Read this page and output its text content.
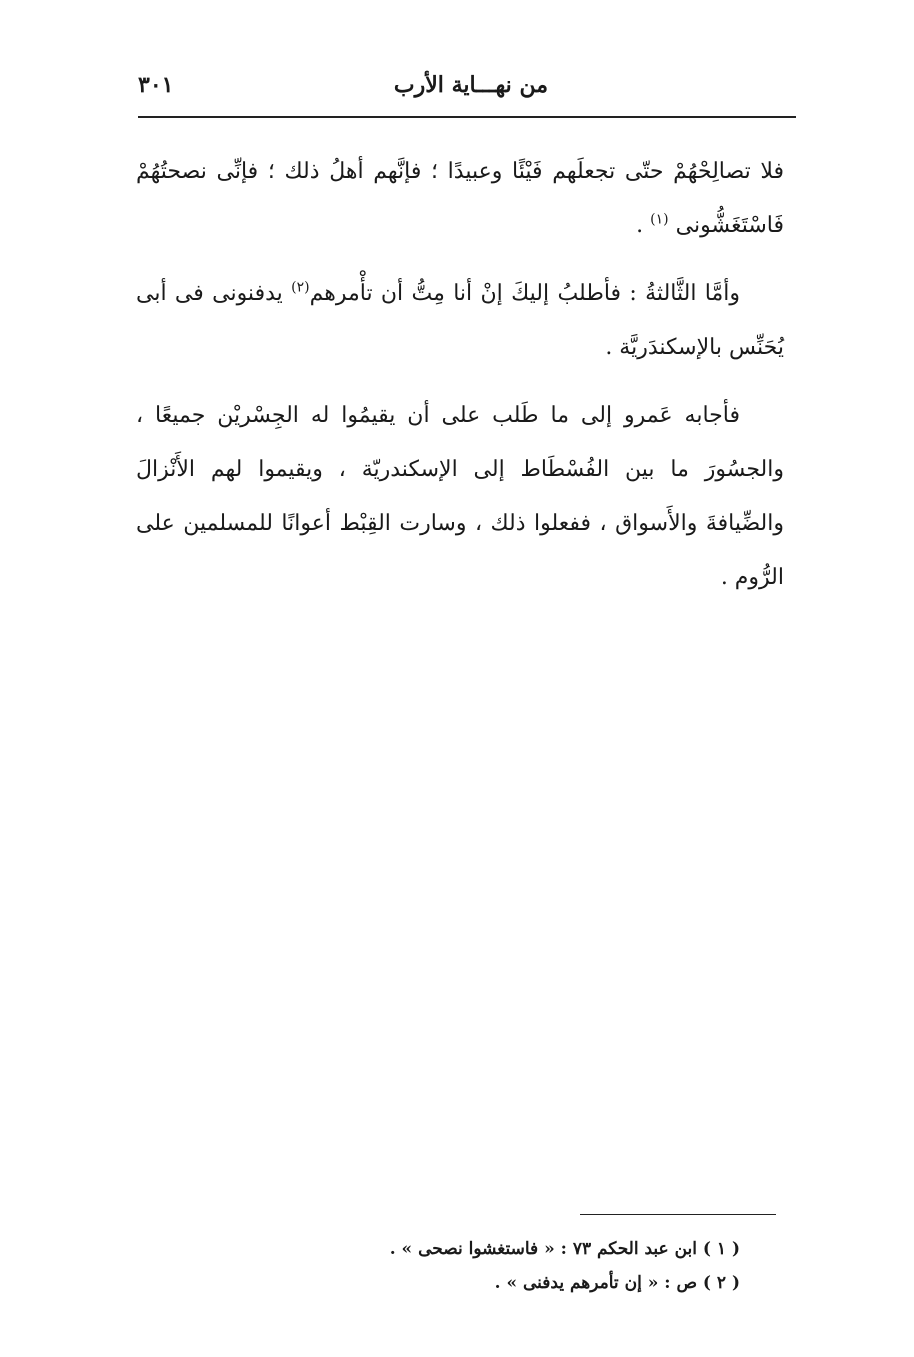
من نهـــاية الأرب
٣٠١

فلا تصالِحْهُمْ حتّى تجعلَهم فَيْئًا وعبيدًا ؛ فإنَّهم أهلُ ذلك ؛ فإنِّى نصحتُهُمْ فَاسْتَغَشُّونى $^{(١)}$ .

وأمَّا الثَّالثةُ : فأطلبُ إليكَ إنْ أنا مِتُّ أن تأْمرهم$^{(٢)}$ يدفنونى فى أبى يُحَنِّس بالإسكندَريَّة .

فأجابه عَمرو إلى ما طَلب على أن يقيمُوا له الجِسْريْن جميعًا ، والجسُورَ ما بين الفُسْطَاط إلى الإسكندريّة ، ويقيموا لهم الأَنْزالَ والضِّيافةَ والأَسواق ، ففعلوا ذلك ، وسارت القِبْط أعوانًا للمسلمين على الرُّوم .

( ١ ) ابن عبد الحكم ٧٣ : « فاستغشوا نصحى » .
( ٢ ) ص : « إن تأمرهم يدفنى » .
